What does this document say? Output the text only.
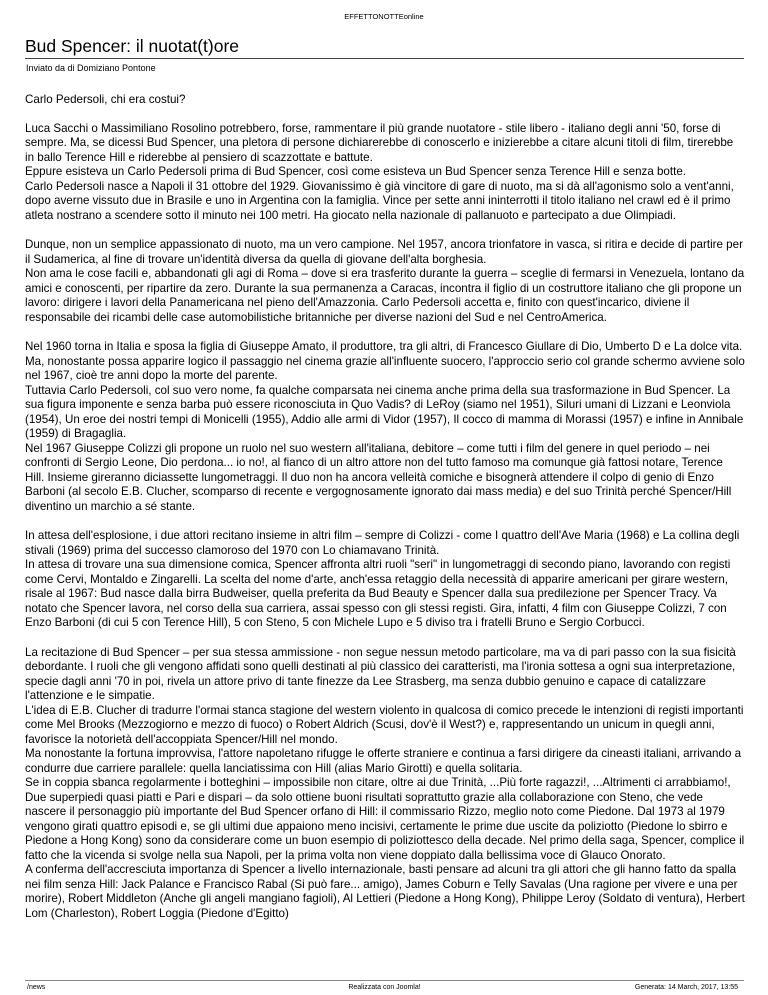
EFFETTONOTTEonline
Bud Spencer: il nuotat(t)ore
Inviato da di Domiziano Pontone

Carlo Pedersoli, chi era costui?

Luca Sacchi o Massimiliano Rosolino potrebbero, forse, rammentare il più grande nuotatore - stile libero - italiano degli anni '50, forse di sempre. Ma, se dicessi Bud Spencer, una pletora di persone dichiarerebbe di conoscerlo e inizierebbe a citare alcuni titoli di film, tirerebbe in ballo Terence Hill e riderebbe al pensiero di scazzottate e battute.
Eppure esisteva un Carlo Pedersoli prima di Bud Spencer, così come esisteva un Bud Spencer senza Terence Hill e senza botte.
Carlo Pedersoli nasce a Napoli il 31 ottobre del 1929. Giovanissimo è già vincitore di gare di nuoto, ma si dà all'agonismo solo a vent'anni, dopo averne vissuto due in Brasile e uno in Argentina con la famiglia. Vince per sette anni ininterrotti il titolo italiano nel crawl ed è il primo atleta nostrano a scendere sotto il minuto nei 100 metri. Ha giocato nella nazionale di pallanuoto e partecipato a due Olimpiadi.

Dunque, non un semplice appassionato di nuoto, ma un vero campione. Nel 1957, ancora trionfatore in vasca, si ritira e decide di partire per il Sudamerica, al fine di trovare un'identità diversa da quella di giovane dell'alta borghesia.
Non ama le cose facili e, abbandonati gli agi di Roma – dove si era trasferito durante la guerra – sceglie di fermarsi in Venezuela, lontano da amici e conoscenti, per ripartire da zero. Durante la sua permanenza a Caracas, incontra il figlio di un costruttore italiano che gli propone un lavoro: dirigere i lavori della Panamericana nel pieno dell'Amazzonia. Carlo Pedersoli accetta e, finito con quest'incarico, diviene il responsabile dei ricambi delle case automobilistiche britanniche per diverse nazioni del Sud e nel CentroAmerica.

Nel 1960 torna in Italia e sposa la figlia di Giuseppe Amato, il produttore, tra gli altri, di Francesco Giullare di Dio, Umberto D e La dolce vita. Ma, nonostante possa apparire logico il passaggio nel cinema grazie all'influente suocero, l'approccio serio col grande schermo avviene solo nel 1967, cioè tre anni dopo la morte del parente.
Tuttavia Carlo Pedersoli, col suo vero nome, fa qualche comparsata nei cinema anche prima della sua trasformazione in Bud Spencer. La sua figura imponente e senza barba può essere riconosciuta in Quo Vadis? di LeRoy (siamo nel 1951), Siluri umani di Lizzani e Leonviola (1954), Un eroe dei nostri tempi di Monicelli (1955), Addio alle armi di Vidor (1957), Il cocco di mamma di Morassi (1957) e infine in Annibale (1959) di Bragaglia.
Nel 1967 Giuseppe Colizzi gli propone un ruolo nel suo western all'italiana, debitore – come tutti i film del genere in quel periodo – nei confronti di Sergio Leone, Dio perdona... io no!, al fianco di un altro attore non del tutto famoso ma comunque già fattosi notare, Terence Hill. Insieme gireranno diciassette lungometraggi. Il duo non ha ancora velleità comiche e bisognerà attendere il colpo di genio di Enzo Barboni (al secolo E.B. Clucher, scomparso di recente e vergognosamente ignorato dai mass media) e del suo Trinità perché Spencer/Hill diventino un marchio a sé stante.

In attesa dell'esplosione, i due attori recitano insieme in altri film – sempre di Colizzi - come I quattro dell'Ave Maria (1968) e La collina degli stivali (1969) prima del successo clamoroso del 1970 con Lo chiamavano Trinità.
In attesa di trovare una sua dimensione comica, Spencer affronta altri ruoli "seri" in lungometraggi di secondo piano, lavorando con registi come Cervi, Montaldo e Zingarelli. La scelta del nome d'arte, anch'essa retaggio della necessità di apparire americani per girare western, risale al 1967: Bud nasce dalla birra Budweiser, quella preferita da Bud Beauty e Spencer dalla sua predilezione per Spencer Tracy. Va notato che Spencer lavora, nel corso della sua carriera, assai spesso con gli stessi registi. Gira, infatti, 4 film con Giuseppe Colizzi, 7 con Enzo Barboni (di cui 5 con Terence Hill), 5 con Steno, 5 con Michele Lupo e 5 diviso tra i fratelli Bruno e Sergio Corbucci.

La recitazione di Bud Spencer – per sua stessa ammissione - non segue nessun metodo particolare, ma va di pari passo con la sua fisicità debordante. I ruoli che gli vengono affidati sono quelli destinati al più classico dei caratteristi, ma l'ironia sottesa a ogni sua interpretazione, specie dagli anni '70 in poi, rivela un attore privo di tante finezze da Lee Strasberg, ma senza dubbio genuino e capace di catalizzare l'attenzione e le simpatie.
L'idea di E.B. Clucher di tradurre l'ormai stanca stagione del western violento in qualcosa di comico precede le intenzioni di registi importanti come Mel Brooks (Mezzogiorno e mezzo di fuoco) o Robert Aldrich (Scusi, dov'è il West?) e, rappresentando un unicum in quegli anni, favorisce la notorietà dell'accoppiata Spencer/Hill nel mondo.
Ma nonostante la fortuna improvvisa, l'attore napoletano rifugge le offerte straniere e continua a farsi dirigere da cineasti italiani, arrivando a condurre due carriere parallele: quella lanciatissima con Hill (alias Mario Girotti) e quella solitaria.
Se in coppia sbanca regolarmente i botteghini – impossibile non citare, oltre ai due Trinità, ...Più forte ragazzi!, ...Altrimenti ci arrabbiamo!, Due superpiedi quasi piatti e Pari e dispari – da solo ottiene buoni risultati soprattutto grazie alla collaborazione con Steno, che vede nascere il personaggio più importante del Bud Spencer orfano di Hill: il commissario Rizzo, meglio noto come Piedone. Dal 1973 al 1979 vengono girati quattro episodi e, se gli ultimi due appaiono meno incisivi, certamente le prime due uscite da poliziotto (Piedone lo sbirro e Piedone a Hong Kong) sono da considerare come un buon esempio di poliziottesco della decade. Nel primo della saga, Spencer, complice il fatto che la vicenda si svolge nella sua Napoli, per la prima volta non viene doppiato dalla bellissima voce di Glauco Onorato.
A conferma dell'accresciuta importanza di Spencer a livello internazionale, basti pensare ad alcuni tra gli attori che gli hanno fatto da spalla nei film senza Hill: Jack Palance e Francisco Rabal (Si può fare... amigo), James Coburn e Telly Savalas (Una ragione per vivere e una per morire), Robert Middleton (Anche gli angeli mangiano fagioli), Al Lettieri (Piedone a Hong Kong), Philippe Leroy (Soldato di ventura), Herbert Lom (Charleston), Robert Loggia (Piedone d'Egitto)

/news	Realizzata con Joomla!	Generata: 14 March, 2017, 13:55
